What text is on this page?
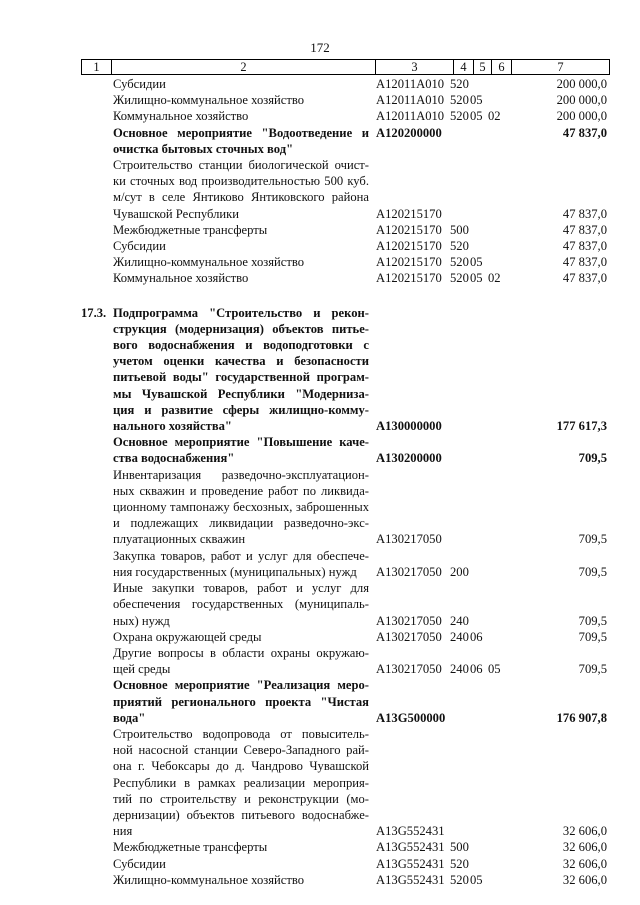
172
1	2	3	4	5	6	7
Субсидии	А12011А010 520	200 000,0
Жилищно-коммунальное хозяйство	А12011А010 520 05	200 000,0
Коммунальное хозяйство	А12011А010 520 05 02	200 000,0
Основное мероприятие "Водоотведение и
очистка бытовых сточных вод"
А120200000	47 837,0
Строительство станции биологической очист-
ки сточных вод производительностью 500 куб.
м/сут в селе Янтиково Янтиковского района
Чувашской Республики	А120215170	47 837,0
Межбюджетные трансферты	А120215170 500	47 837,0
Субсидии	А120215170 520	47 837,0
Жилищно-коммунальное хозяйство	А120215170 520 05	47 837,0
Коммунальное хозяйство	А120215170 520 05 02	47 837,0
17.3. Подпрограмма "Строительство и рекон-
струкция (модернизация) объектов питье-
вого водоснабжения и водоподготовки с
учетом оценки качества и безопасности
питьевой воды" государственной програм-
мы Чувашской Республики "Модерниза-
ция и развитие сферы жилищно-комму-
нального хозяйства"	А130000000	177 617,3
Основное мероприятие "Повышение каче-
ства водоснабжения"	А130200000	709,5
Инвентаризация разведочно-эксплуатацион-
ных скважин и проведение работ по ликвида-
ционному тампонажу бесхозных, заброшенных
и подлежащих ликвидации разведочно-экс-
плуатационных скважин	А130217050	709,5
Закупка товаров, работ и услуг для обеспече-
ния государственных (муниципальных) нужд	А130217050 200	709,5
Иные закупки товаров, работ и услуг для
обеспечения государственных (муниципаль-
ных) нужд	А130217050 240	709,5
Охрана окружающей среды	А130217050 240 06	709,5
Другие вопросы в области охраны окружаю-
щей среды	А130217050 240 06 05	709,5
Основное мероприятие "Реализация меро-
приятий регионального проекта "Чистая
вода"	А13G500000	176 907,8
Строительство водопровода от повыситель-
ной насосной станции Северо-Западного рай-
она г. Чебоксары до д. Чандрово Чувашской
Республики в рамках реализации мероприя-
тий по строительству и реконструкции (мо-
дернизации) объектов питьевого водоснабже-
ния	А13G552431	32 606,0
Межбюджетные трансферты	А13G552431 500	32 606,0
Субсидии	А13G552431 520	32 606,0
Жилищно-коммунальное хозяйство	А13G552431 520 05	32 606,0
